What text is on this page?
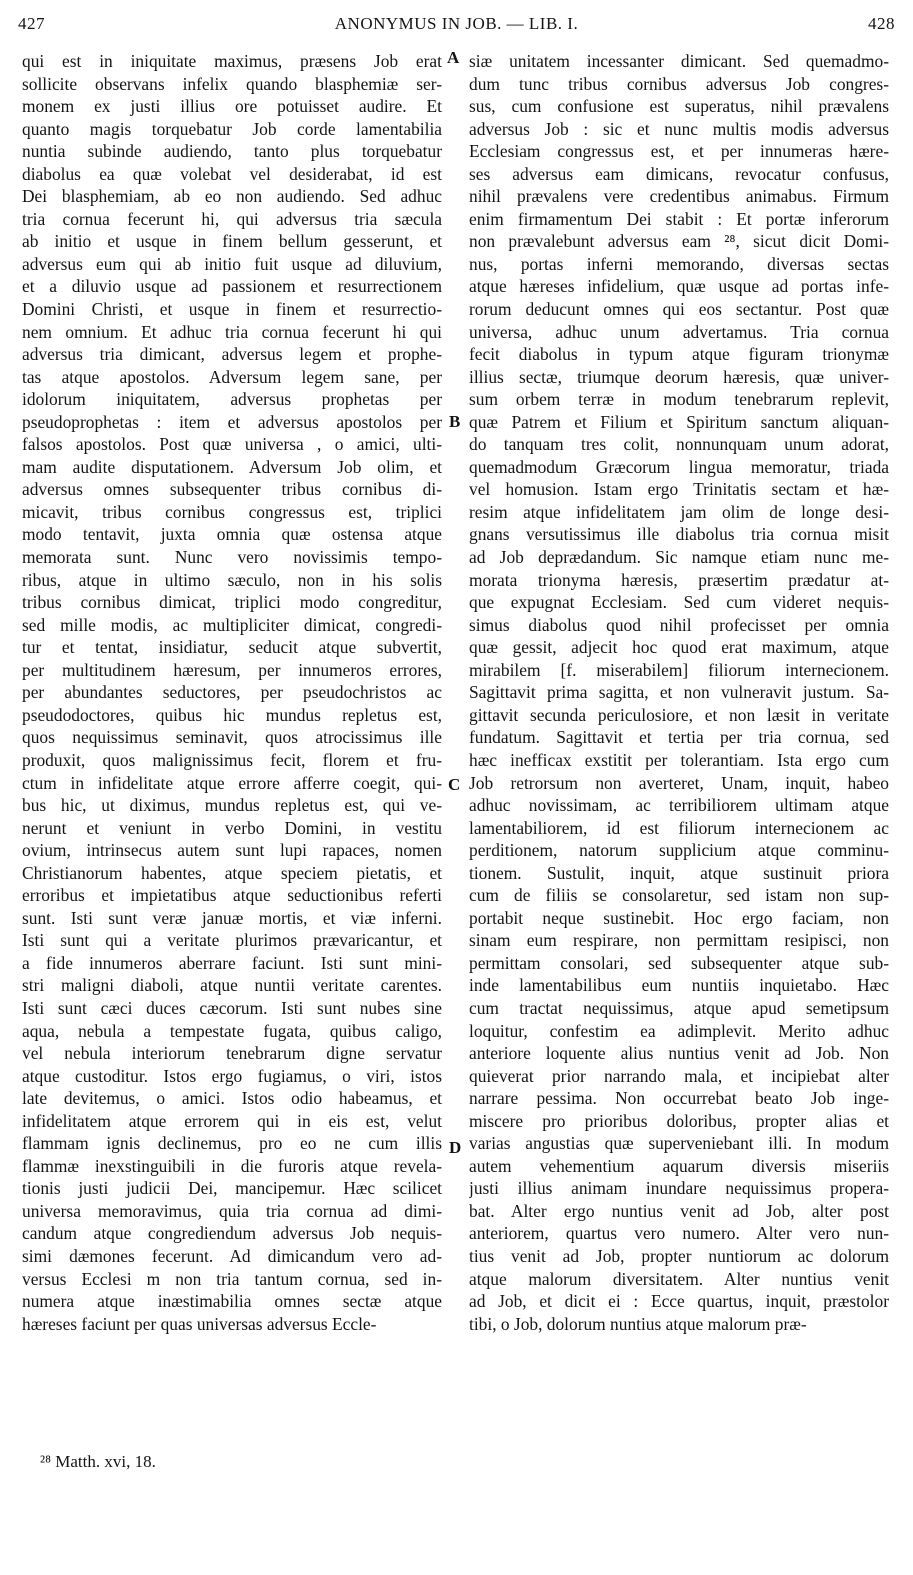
427	ANONYMUS IN JOB. — LIB. I.	428
qui est in iniquitate maximus, præsens Job erat
sollicite observans infelix quando blasphemiæ ser-
monem ex justi illius ore potuisset audire. Et
quanto magis torquebatur Job corde lamentabilia
nuntia subinde audiendo, tanto plus torquebatur
diabolus ea quæ volebat vel desiderabat, id est
Dei blasphemiam, ab eo non audiendo. Sed adhuc
tria cornua fecerunt hi, qui adversus tria sæcula
ab initio et usque in finem bellum gesserunt, et
adversus eum qui ab initio fuit usque ad diluvium,
et a diluvio usque ad passionem et resurrectionem
Domini Christi, et usque in finem et resurrectio-
nem omnium. Et adhuc tria cornua fecerunt hi qui
adversus tria dimicant, adversus legem et prophe-
tas atque apostolos. Adversum legem sane, per
idolorum iniquitatem, adversus prophetas per
pseudoprophetas : item et adversus apostolos per
falsos apostolos. Post quæ universa , o amici, ulti-
mam audite disputationem. Adversum Job olim, et
adversus omnes subsequenter tribus cornibus di-
micavit, tribus cornibus congressus est, triplici
modo tentavit, juxta omnia quæ ostensa atque
memorata sunt. Nunc vero novissimis tempo-
ribus, atque in ultimo sæculo, non in his solis
tribus cornibus dimicat, triplici modo congreditur,
sed mille modis, ac multipliciter dimicat, congredi-
tur et tentat, insidiatur, seducit atque subvertit,
per multitudinem hæresum, per innumeros errores,
per abundantes seductores, per pseudochristos ac
pseudodoctores, quibus hic mundus repletus est,
quos nequissimus seminavit, quos atrocissimus ille
produxit, quos malignissimus fecit, florem et fru-
ctum in infidelitate atque errore afferre coegit, qui-
bus hic, ut diximus, mundus repletus est, qui ve-
nerunt et veniunt in verbo Domini, in vestitu
ovium, intrinsecus autem sunt lupi rapaces, nomen
Christianorum habentes, atque speciem pietatis, et
erroribus et impietatibus atque seductionibus referti
sunt. Isti sunt veræ januæ mortis, et viæ inferni.
Isti sunt qui a veritate plurimos prævaricantur, et
a fide innumeros aberrare faciunt. Isti sunt mini-
stri maligni diaboli, atque nuntii veritate carentes.
Isti sunt cæci duces cæcorum. Isti sunt nubes sine
aqua, nebula a tempestate fugata, quibus caligo,
vel nebula interiorum tenebrarum digne servatur
atque custoditur. Istos ergo fugiamus, o viri, istos
late devitemus, o amici. Istos odio habeamus, et
infidelitatem atque errorem qui in eis est, velut
flammam ignis declinemus, pro eo ne cum illis
flammæ inexstinguibili in die furoris atque revela-
tionis justi judicii Dei, mancipemur. Hæc scilicet
universa memoravimus, quia tria cornua ad dimi-
candum atque congrediendum adversus Job nequis-
simi dæmones fecerunt. Ad dimicandum vero ad-
versus Ecclesi m non tria tantum cornua, sed in-
numera atque inæstimabilia omnes sectæ atque
hæreses faciunt per quas universas adversus Eccle-
siæ unitatem incessanter dimicant. Sed quemadmo-
dum tunc tribus cornibus adversus Job congres-
sus, cum confusione est superatus, nihil prævalens
adversus Job : sic et nunc multis modis adversus
Ecclesiam congressus est, et per innumeras hære-
ses adversus eam dimicans, revocatur confusus,
nihil prævalens vere credentibus animabus. Firmum
enim firmamentum Dei stabit : Et portæ inferorum
non prævalebunt adversus eam ²⁸, sicut dicit Domi-
nus, portas inferni memorando, diversas sectas
atque hæreses infidelium, quæ usque ad portas infe-
rorum deducunt omnes qui eos sectantur. Post quæ
universa, adhuc unum advertamus. Tria cornua
fecit diabolus in typum atque figuram trionymæ
illius sectæ, triumque deorum hæresis, quæ univer-
sum orbem terræ in modum tenebrarum replevit,
quæ Patrem et Filium et Spiritum sanctum aliquan-
do tanquam tres colit, nonnunquam unum adorat,
quemadmodum Græcorum lingua memoratur, triada
vel homusion. Istam ergo Trinitatis sectam et hæ-
resim atque infidelitatem jam olim de longe desi-
gnans versutissimus ille diabolus tria cornua misit
ad Job deprædandum. Sic namque etiam nunc me-
morata trionyma hæresis, præsertim prædatur at-
que expugnat Ecclesiam. Sed cum videret nequis-
simus diabolus quod nihil profecisset per omnia
quæ gessit, adjecit hoc quod erat maximum, atque
mirabilem [f. miserabilem] filiorum internecionem.
Sagittavit prima sagitta, et non vulneravit justum. Sa-
gittavit secunda periculosiore, et non læsit in veritate
fundatum. Sagittavit et tertia per tria cornua, sed
hæc inefficax exstitit per tolerantiam. Ista ergo cum
Job retrorsum non averteret, Unam, inquit, habeo
adhuc novissimam, ac terribiliorem ultimam atque
lamentabiliorem, id est filiorum internecionem ac
perditionem, natorum supplicium atque comminu-
tionem. Sustulit, inquit, atque sustinuit priora
cum de filiis se consolaretur, sed istam non sup-
portabit neque sustinebit. Hoc ergo faciam, non
sinam eum respirare, non permittam resipisci, non
permittam consolari, sed subsequenter atque sub-
inde lamentabilibus eum nuntiis inquietabo. Hæc
cum tractat nequissimus, atque apud semetipsum
loquitur, confestim ea adimplevit. Merito adhuc
anteriore loquente alius nuntius venit ad Job. Non
quieverat prior narrando mala, et incipiebat alter
narrare pessima. Non occurrebat beato Job inge-
miscere pro prioribus doloribus, propter alias et
varias angustias quæ superveniebant illi. In modum
autem vehementium aquarum diversis miseriis
justi illius animam inundare nequissimus propera-
bat. Alter ergo nuntius venit ad Job, alter post
anteriorem, quartus vero numero. Alter vero nun-
tius venit ad Job, propter nuntiorum ac dolorum
atque malorum diversitatem. Alter nuntius venit
ad Job, et dicit ei : Ecce quartus, inquit, præstolor
tibi, o Job, dolorum nuntius atque malorum præ-
A
B
C
D
²⁸ Matth. xvi, 18.
